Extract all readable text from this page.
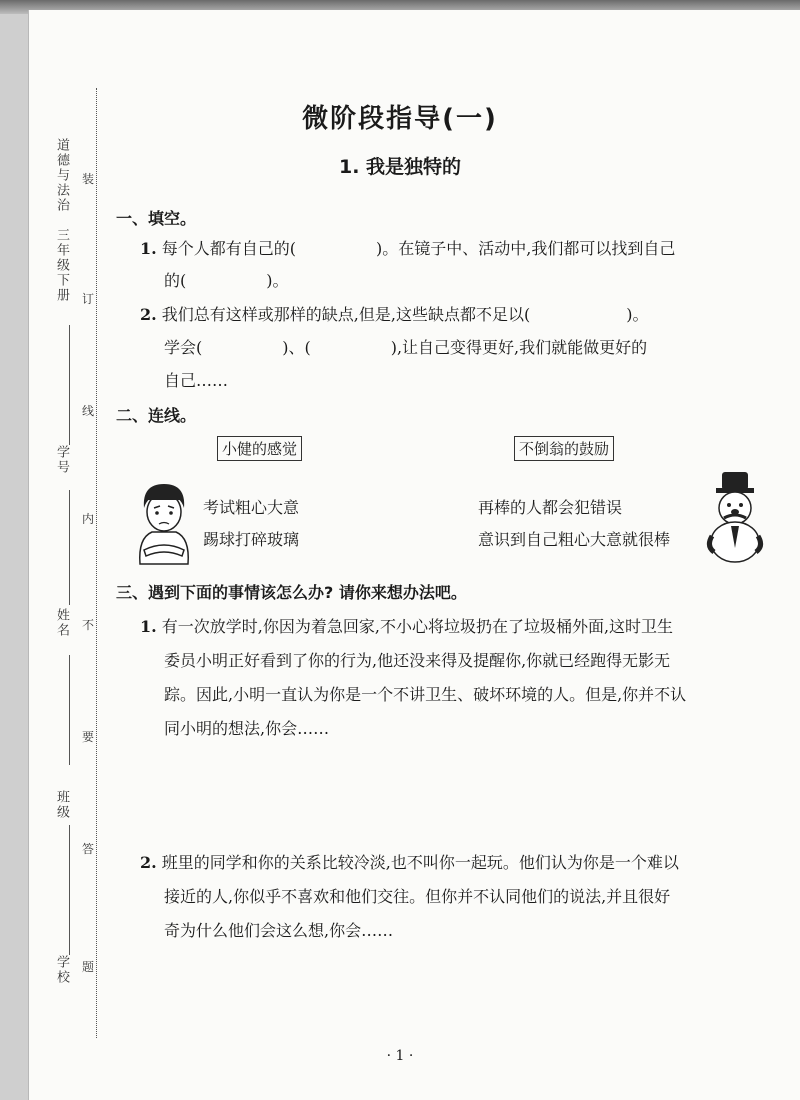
道德与法治　三年级下册 装
订
线
内
不
要
答
题
学号
姓名
班级
学校
微阶段指导(一)
1. 我是独特的
一、填空。
1. 每个人都有自己的(　　　　　)。在镜子中、活动中,我们都可以找到自己
的(　　　　　)。
2. 我们总有这样或那样的缺点,但是,这些缺点都不足以(　　　　　　)。
学会(　　　　　)、(　　　　　),让自己变得更好,我们就能做更好的
自己……
二、连线。
小健的感觉	不倒翁的鼓励
考试粗心大意
踢球打碎玻璃
再棒的人都会犯错误
意识到自己粗心大意就很棒
三、遇到下面的事情该怎么办? 请你来想办法吧。
1. 有一次放学时,你因为着急回家,不小心将垃圾扔在了垃圾桶外面,这时卫生
委员小明正好看到了你的行为,他还没来得及提醒你,你就已经跑得无影无
踪。因此,小明一直认为你是一个不讲卫生、破坏环境的人。但是,你并不认
同小明的想法,你会……
2. 班里的同学和你的关系比较冷淡,也不叫你一起玩。他们认为你是一个难以
接近的人,你似乎不喜欢和他们交往。但你并不认同他们的说法,并且很好
奇为什么他们会这么想,你会……
· 1 ·
